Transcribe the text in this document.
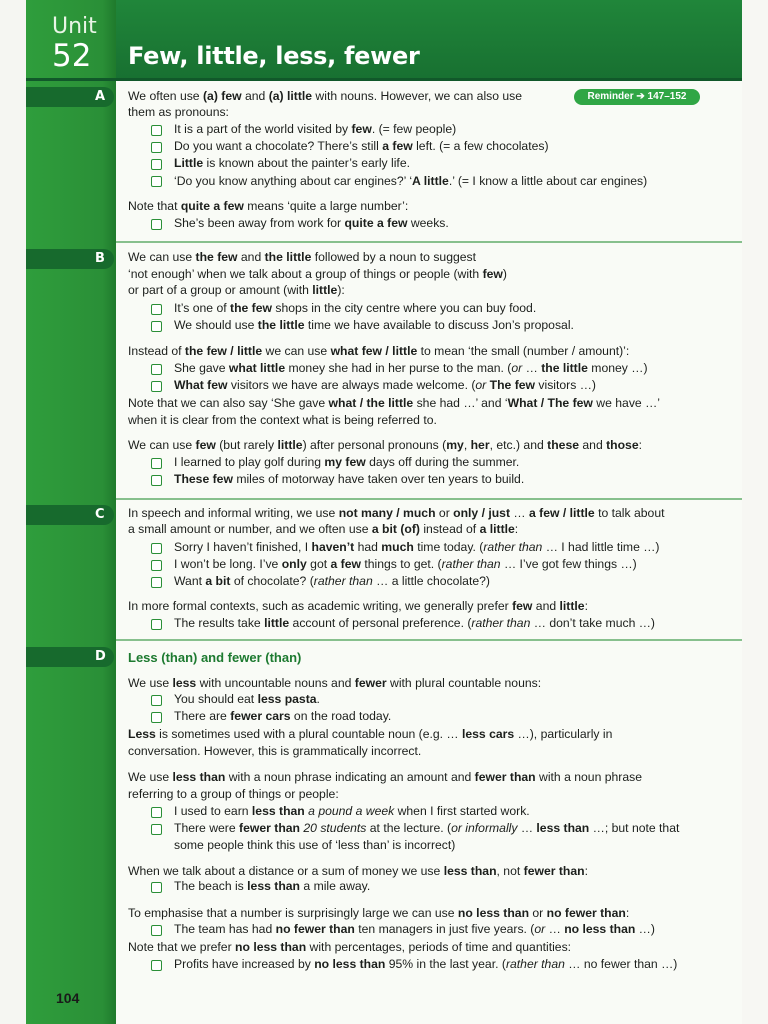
Unit
52 Few, little, less, fewer
Reminder ➔ 147–152
A
B
C
D Less (than) and fewer (than)
We often use (a) few and (a) little with nouns. However, we can also use
them as pronouns:
It is a part of the world visited by few. (= few people)
Do you want a chocolate? There’s still a few left. (= a few chocolates)
Little is known about the painter’s early life.
‘Do you know anything about car engines?’ ‘A little.’ (= I know a little about car engines)
Note that quite a few means ‘quite a large number’:
She’s been away from work for quite a few weeks.
We can use the few and the little followed by a noun to suggest
‘not enough’ when we talk about a group of things or people (with few)
or part of a group or amount (with little):
It’s one of the few shops in the city centre where you can buy food.
We should use the little time we have available to discuss Jon’s proposal.
Instead of the few / little we can use what few / little to mean ‘the small (number / amount)’:
She gave what little money she had in her purse to the man. (or … the little money …)
What few visitors we have are always made welcome. (or The few visitors …)
Note that we can also say ‘She gave what / the little she had …’ and ‘What / The few we have …’
when it is clear from the context what is being referred to.
We can use few (but rarely little) after personal pronouns (my, her, etc.) and these and those:
I learned to play golf during my few days off during the summer.
These few miles of motorway have taken over ten years to build.
In speech and informal writing, we use not many / much or only / just … a few / little to talk about
a small amount or number, and we often use a bit (of) instead of a little:
Sorry I haven’t finished, I haven’t had much time today. (rather than … I had little time …)
I won’t be long. I’ve only got a few things to get. (rather than … I’ve got few things …)
Want a bit of chocolate? (rather than … a little chocolate?)
In more formal contexts, such as academic writing, we generally prefer few and little:
The results take little account of personal preference. (rather than … don’t take much …)
We use less with uncountable nouns and fewer with plural countable nouns:
You should eat less pasta.
There are fewer cars on the road today.
Less is sometimes used with a plural countable noun (e.g. … less cars …), particularly in
conversation. However, this is grammatically incorrect.
We use less than with a noun phrase indicating an amount and fewer than with a noun phrase
referring to a group of things or people:
I used to earn less than a pound a week when I first started work.
There were fewer than 20 students at the lecture. (or informally … less than …; but note that
some people think this use of ‘less than’ is incorrect)
When we talk about a distance or a sum of money we use less than, not fewer than:
The beach is less than a mile away.
To emphasise that a number is surprisingly large we can use no less than or no fewer than:
The team has had no fewer than ten managers in just five years. (or … no less than …)
Note that we prefer no less than with percentages, periods of time and quantities:
Profits have increased by no less than 95% in the last year. (rather than … no fewer than …)
104
